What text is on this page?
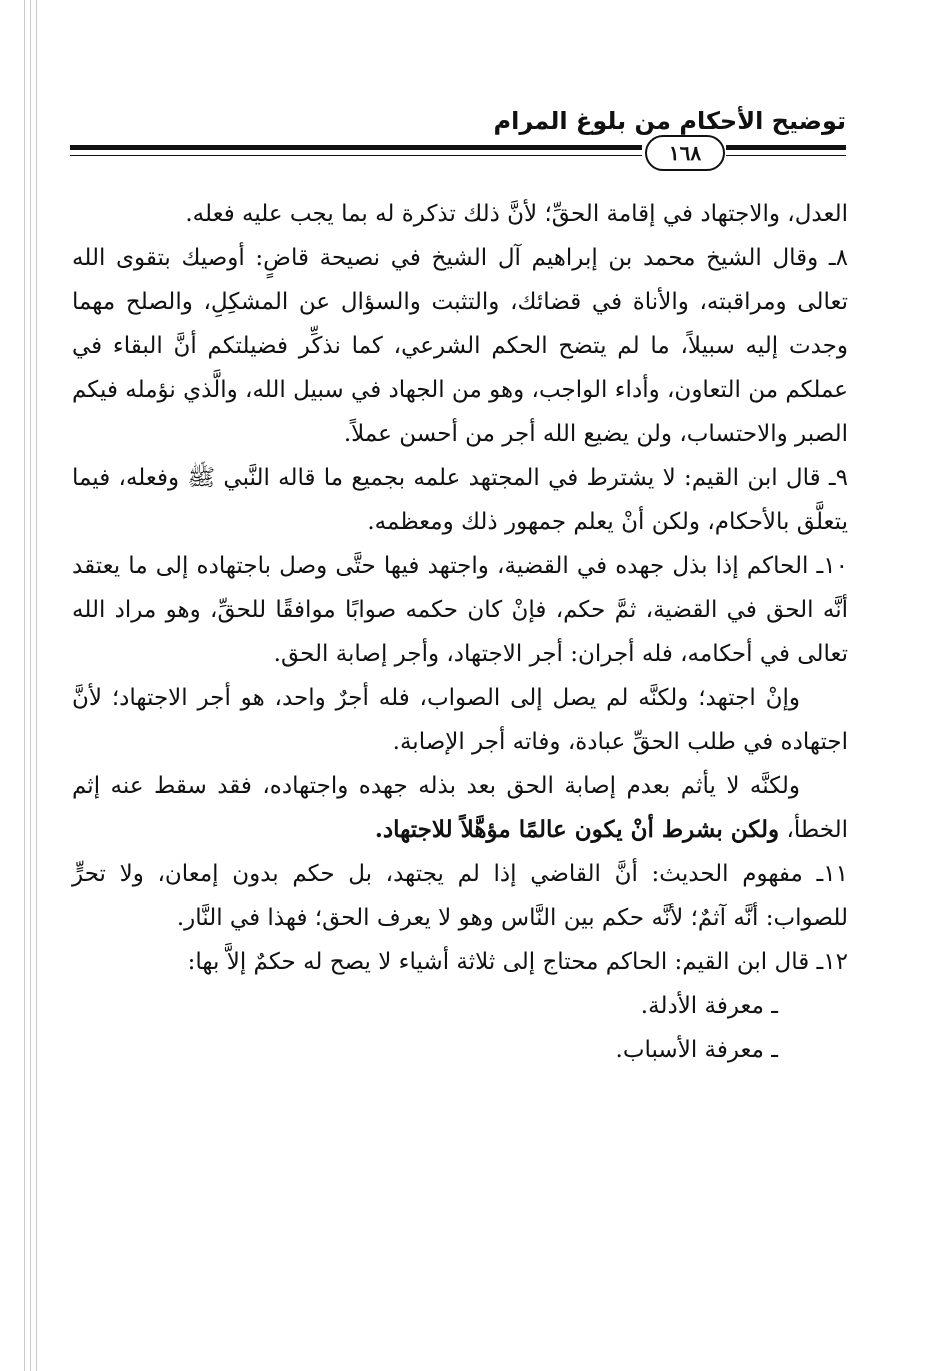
توضيح الأحكام من بلوغ المرام
١٦٨

العدل، والاجتهاد في إقامة الحقِّ؛ لأنَّ ذلك تذكرة له بما يجب عليه فعله.

٨ـ وقال الشيخ محمد بن إبراهيم آل الشيخ في نصيحة قاضٍ: أوصيك بتقوى الله تعالى ومراقبته، والأناة في قضائك، والتثبت والسؤال عن المشكِلِ، والصلح مهما وجدت إليه سبيلاً، ما لم يتضح الحكم الشرعي، كما نذكِّر فضيلتكم أنَّ البقاء في عملكم من التعاون، وأداء الواجب، وهو من الجهاد في سبيل الله، والَّذي نؤمله فيكم الصبر والاحتساب، ولن يضيع الله أجر من أحسن عملاً.

٩ـ قال ابن القيم: لا يشترط في المجتهد علمه بجميع ما قاله النَّبي ﷺ وفعله، فيما يتعلَّق بالأحكام، ولكن أنْ يعلم جمهور ذلك ومعظمه.

١٠ـ الحاكم إذا بذل جهده في القضية، واجتهد فيها حتَّى وصل باجتهاده إلى ما يعتقد أنَّه الحق في القضية، ثمَّ حكم، فإنْ كان حكمه صوابًا موافقًا للحقِّ، وهو مراد الله تعالى في أحكامه، فله أجران: أجر الاجتهاد، وأجر إصابة الحق.

وإنْ اجتهد؛ ولكنَّه لم يصل إلى الصواب، فله أجرٌ واحد، هو أجر الاجتهاد؛ لأنَّ اجتهاده في طلب الحقِّ عبادة، وفاته أجر الإصابة.

ولكنَّه لا يأثم بعدم إصابة الحق بعد بذله جهده واجتهاده، فقد سقط عنه إثم الخطأ، ولكن بشرط أنْ يكون عالمًا مؤهَّلاً للاجتهاد.

١١ـ مفهوم الحديث: أنَّ القاضي إذا لم يجتهد، بل حكم بدون إمعان، ولا تحرٍّ للصواب: أنَّه آثمٌ؛ لأنَّه حكم بين النَّاس وهو لا يعرف الحق؛ فهذا في النَّار.

١٢ـ قال ابن القيم: الحاكم محتاج إلى ثلاثة أشياء لا يصح له حكمٌ إلاَّ بها:

ـ معرفة الأدلة.

ـ معرفة الأسباب.
